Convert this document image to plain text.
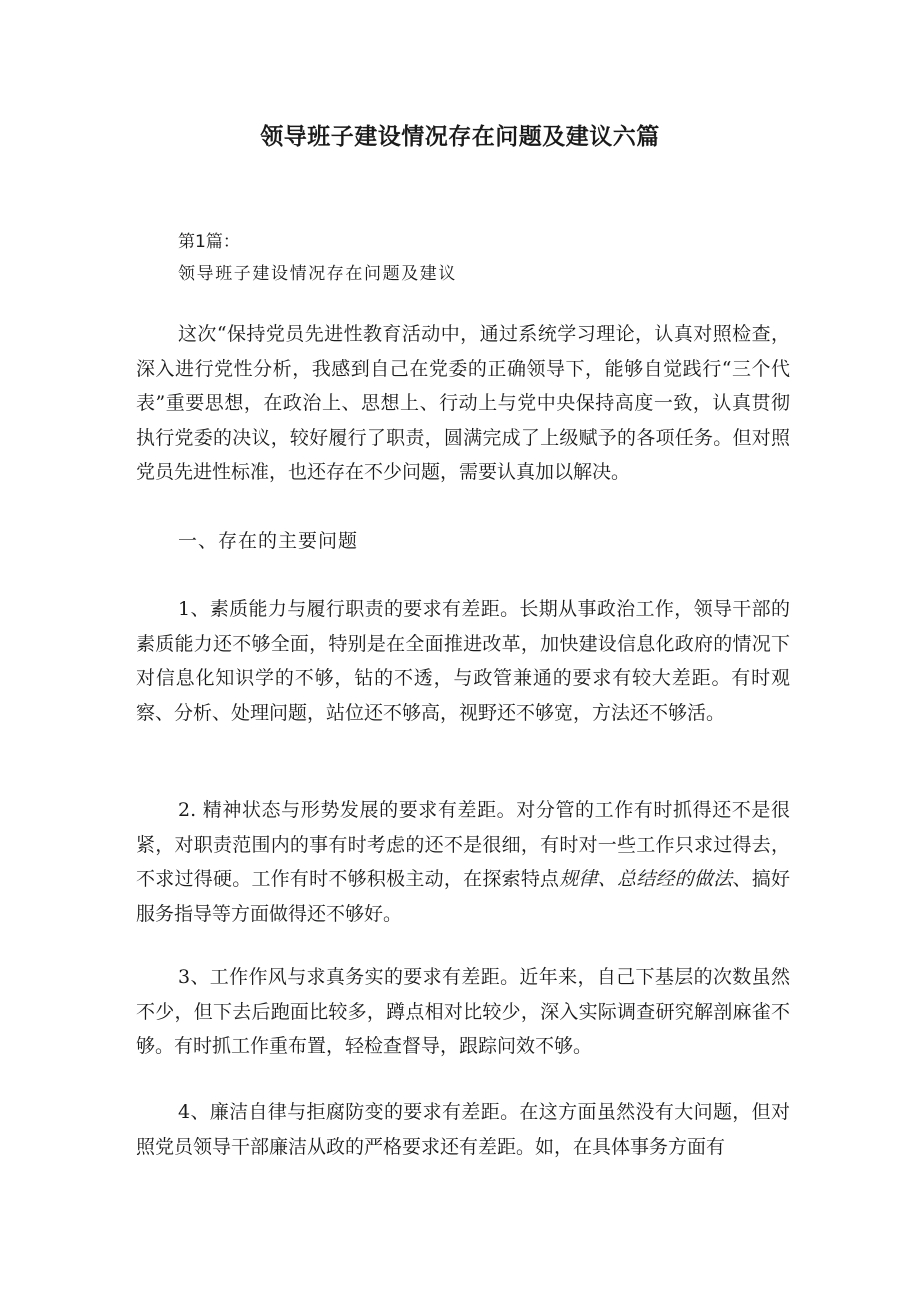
领导班子建设情况存在问题及建议六篇

第1篇：

领导班子建设情况存在问题及建议

这次“保持党员先进性教育活动中，通过系统学习理论，认真对照检查，深入进行党性分析，我感到自己在党委的正确领导下，能够自觉践行“三个代表”重要思想，在政治上、思想上、行动上与党中央保持高度一致，认真贯彻执行党委的决议，较好履行了职责，圆满完成了上级赋予的各项任务。但对照党员先进性标准，也还存在不少问题，需要认真加以解决。

一、存在的主要问题

1、素质能力与履行职责的要求有差距。长期从事政治工作，领导干部的素质能力还不够全面，特别是在全面推进改革，加快建设信息化政府的情况下对信息化知识学的不够，钻的不透，与政管兼通的要求有较大差距。有时观察、分析、处理问题，站位还不够高，视野还不够宽，方法还不够活。

2. 精神状态与形势发展的要求有差距。对分管的工作有时抓得还不是很紧，对职责范围内的事有时考虑的还不是很细，有时对一些工作只求过得去，不求过得硬。工作有时不够积极主动，在探索特点规律、总结经的做法、搞好服务指导等方面做得还不够好。

3、工作作风与求真务实的要求有差距。近年来，自己下基层的次数虽然不少，但下去后跑面比较多，蹲点相对比较少，深入实际调查研究解剖麻雀不够。有时抓工作重布置，轻检查督导，跟踪问效不够。

4、廉洁自律与拒腐防变的要求有差距。在这方面虽然没有大问题，但对照党员领导干部廉洁从政的严格要求还有差距。如，在具体事务方面有
